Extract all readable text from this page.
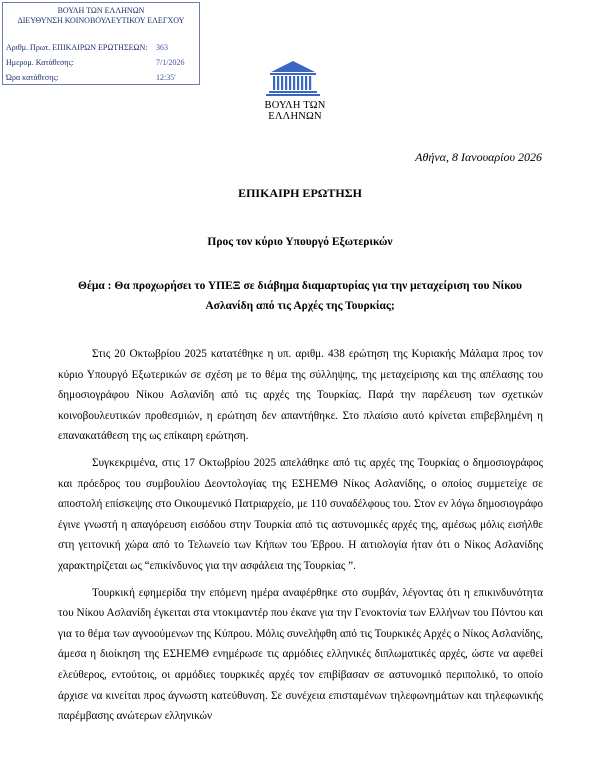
ΒΟΥΛΗ ΤΩΝ ΕΛΛΗΝΩΝ
ΔΙΕΥΘΥΝΣΗ ΚΟΙΝΟΒΟΥΛΕΥΤΙΚΟΥ ΕΛΕΓΧΟΥ
Αριθμ. Πρωτ. ΕΠΙΚΑΙΡΩΝ ΕΡΩΤΗΣΕΩΝ: 363
Ημερομ. Κατάθεσης:	7/1/2026
Ώρα κατάθεσης:	12:35'
ΒΟΥΛΗ ΤΩΝ ΕΛΛΗΝΩΝ
Αθήνα, 8 Ιανουαρίου 2026
ΕΠΙΚΑΙΡΗ ΕΡΩΤΗΣΗ
Προς τον κύριο Υπουργό Εξωτερικών
Θέμα : Θα προχωρήσει το ΥΠΕΞ σε διάβημα διαμαρτυρίας για την μεταχείριση του Νίκου Ασλανίδη από τις Αρχές της Τουρκίας;

Στις 20 Οκτωβρίου 2025 κατατέθηκε η υπ. αριθμ. 438 ερώτηση της Κυριακής Μάλαμα προς τον κύριο Υπουργό Εξωτερικών σε σχέση με το θέμα της σύλληψης, της μεταχείρισης και της απέλασης του δημοσιογράφου Νίκου Ασλανίδη από τις αρχές της Τουρκίας. Παρά την παρέλευση των σχετικών κοινοβουλευτικών προθεσμιών, η ερώτηση δεν απαντήθηκε. Στο πλαίσιο αυτό κρίνεται επιβεβλημένη η επανακατάθεση της ως επίκαιρη ερώτηση.

Συγκεκριμένα, στις 17 Οκτωβρίου 2025 απελάθηκε από τις αρχές της Τουρκίας ο δημοσιογράφος και πρόεδρος του συμβουλίου Δεοντολογίας της ΕΣΗΕΜΘ Νίκος Ασλανίδης, ο οποίος συμμετείχε σε αποστολή επίσκεψης στο Οικουμενικό Πατριαρχείο, με 110 συναδέλφους του. Στον εν λόγω δημοσιογράφο έγινε γνωστή η απαγόρευση εισόδου στην Τουρκία από τις αστυνομικές αρχές της, αμέσως μόλις εισήλθε στη γειτονική χώρα από το Τελωνείο των Κήπων του Έβρου. Η αιτιολογία ήταν ότι ο Νίκος Ασλανίδης χαρακτηρίζεται ως “επικίνδυνος για την ασφάλεια της Τουρκίας ”.

Τουρκική εφημερίδα την επόμενη ημέρα αναφέρθηκε στο συμβάν, λέγοντας ότι η επικινδυνότητα του Νίκου Ασλανίδη έγκειται στα ντοκιμαντέρ που έκανε για την Γενοκτονία των Ελλήνων του Πόντου και για το θέμα των αγνοούμενων της Κύπρου. Μόλις συνελήφθη από τις Τουρκικές Αρχές ο Νίκος Ασλανίδης, άμεσα η διοίκηση της ΕΣΗΕΜΘ ενημέρωσε τις αρμόδιες ελληνικές διπλωματικές αρχές, ώστε να αφεθεί ελεύθερος, εντούτοις, οι αρμόδιες τουρκικές αρχές τον επιβίβασαν σε αστυνομικό περιπολικό, το οποίο άρχισε να κινείται προς άγνωστη κατεύθυνση. Σε συνέχεια επισταμένων τηλεφωνημάτων και τηλεφωνικής παρέμβασης ανώτερων ελληνικών
